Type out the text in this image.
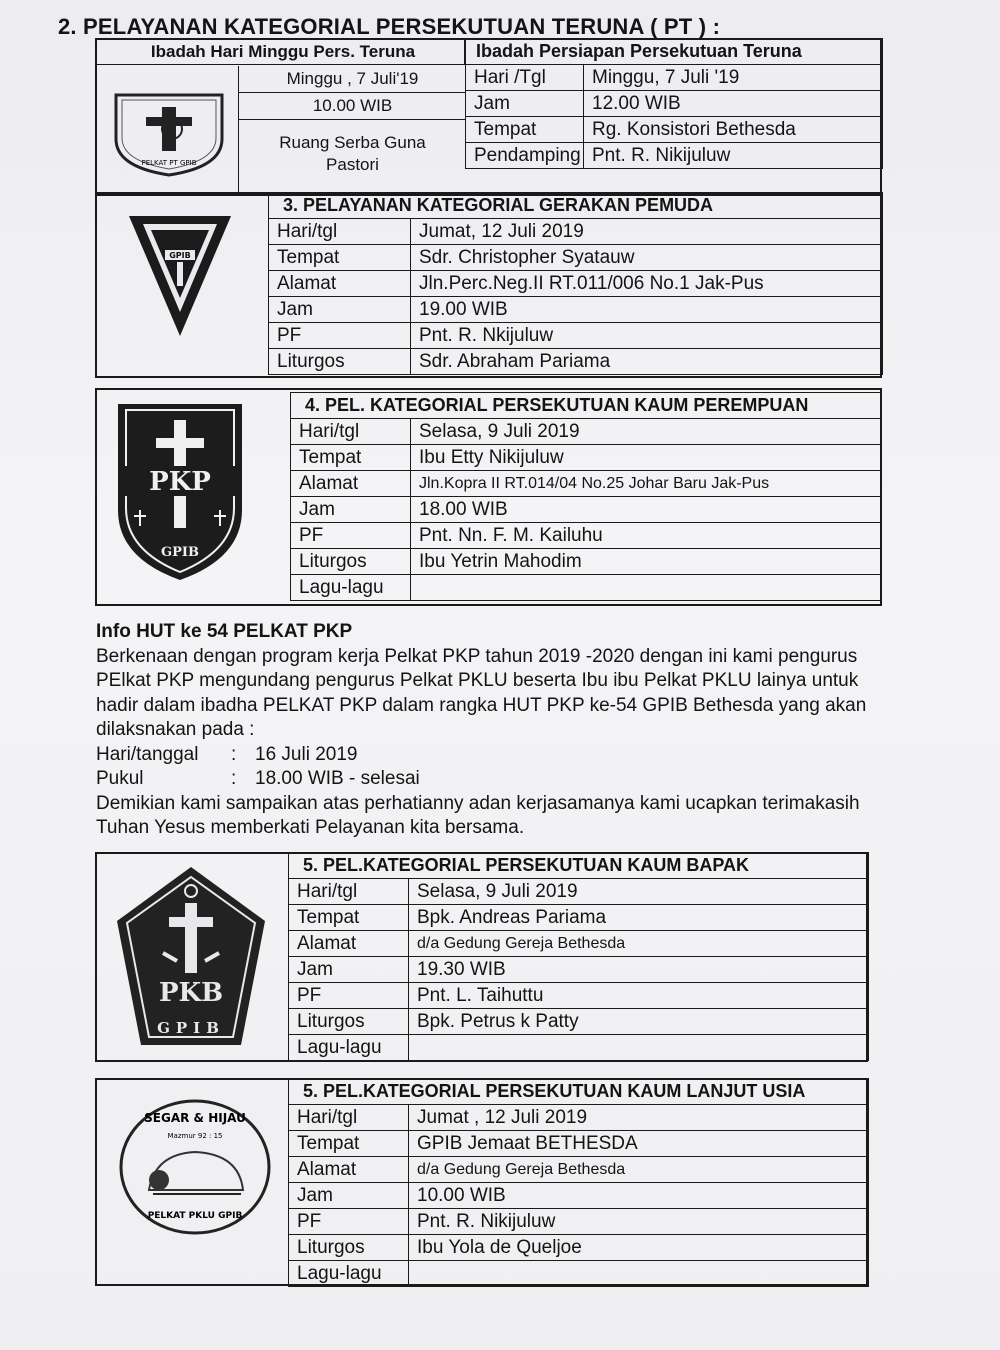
2. PELAYANAN KATEGORIAL PERSEKUTUAN TERUNA ( PT ) :
Ibadah Hari Minggu Pers. Teruna
PELKAT PT GPIB
Minggu , 7 Juli'19
10.00 WIB
Ruang Serba Guna
Pastori
Ibadah Persiapan Persekutuan Teruna	
Hari /Tgl	Minggu, 7 Juli '19
Jam	12.00 WIB
Tempat	Rg. Konsistori Bethesda
Pendamping	Pnt. R. Nikijuluw
GPIB
3. PELAYANAN KATEGORIAL GERAKAN PEMUDA	
Hari/tgl	Jumat, 12 Juli 2019
Tempat	Sdr. Christopher Syatauw
Alamat	Jln.Perc.Neg.II RT.011/006 No.1 Jak-Pus
Jam	19.00 WIB
PF	Pnt. R. Nkijuluw
Liturgos	Sdr. Abraham Pariama
PKP
GPIB
4. PEL. KATEGORIAL PERSEKUTUAN KAUM PEREMPUAN	
Hari/tgl	Selasa, 9 Juli 2019
Tempat	Ibu Etty Nikijuluw
Alamat	Jln.Kopra II RT.014/04 No.25 Johar Baru Jak-Pus
Jam	18.00 WIB
PF	Pnt. Nn. F. M. Kailuhu
Liturgos	Ibu Yetrin Mahodim
Lagu-lagu	
Info HUT ke 54 PELKAT PKP
Berkenaan dengan program kerja Pelkat PKP tahun 2019 -2020 dengan ini kami pengurus
PElkat PKP mengundang pengurus Pelkat PKLU beserta Ibu ibu Pelkat PKLU lainya untuk
hadir dalam ibadha PELKAT PKP dalam rangka HUT PKP ke-54 GPIB Bethesda yang akan
dilaksnakan pada :
Hari/tanggal	: 16 Juli 2019
Pukul	: 18.00 WIB - selesai
Demikian kami sampaikan atas perhatianny adan kerjasamanya kami ucapkan terimakasih
Tuhan Yesus memberkati Pelayanan kita bersama.
PKB
GPIB
5. PEL.KATEGORIAL PERSEKUTUAN KAUM BAPAK	
Hari/tgl	Selasa, 9 Juli 2019
Tempat	Bpk. Andreas Pariama
Alamat	d/a Gedung Gereja Bethesda
Jam	19.30 WIB
PF	Pnt. L. Taihuttu
Liturgos	Bpk. Petrus k Patty
Lagu-lagu	
SEGAR & HIJAU
Mazmur 92 : 15
PELKAT PKLU GPIB
5. PEL.KATEGORIAL PERSEKUTUAN KAUM LANJUT USIA	
Hari/tgl	Jumat , 12 Juli 2019
Tempat	GPIB Jemaat BETHESDA
Alamat	d/a Gedung Gereja Bethesda
Jam	10.00 WIB
PF	Pnt. R. Nikijuluw
Liturgos	Ibu Yola de Queljoe
Lagu-lagu	
